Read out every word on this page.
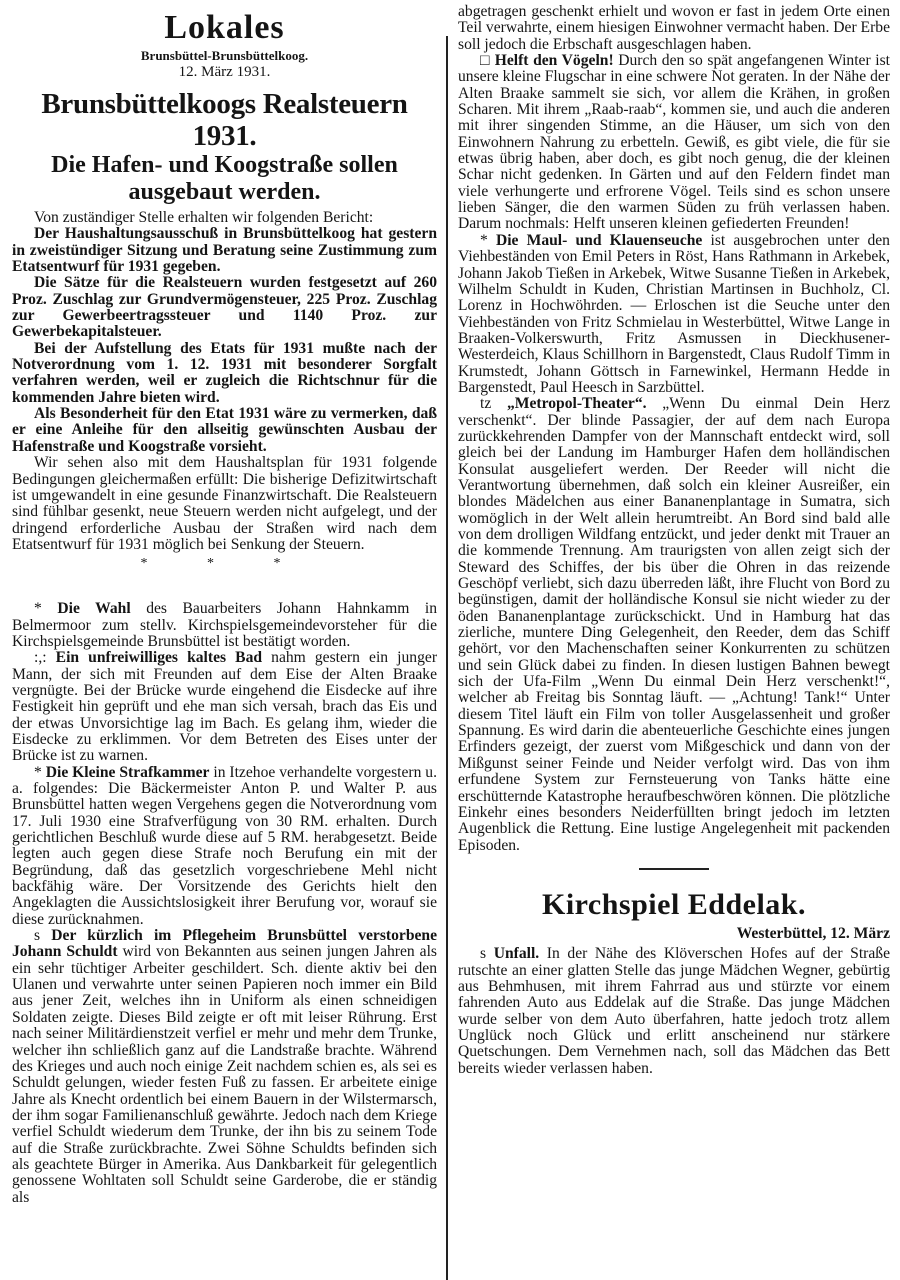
Lokales
Brunsbüttel-Brunsbüttelkoog.
12. März 1931.
Brunsbüttelkoogs Realsteuern 1931.
Die Hafen- und Koogstraße sollen ausgebaut werden.

Von zuständiger Stelle erhalten wir folgenden Bericht:

Der Haushaltungsausschuß in Brunsbüttelkoog hat gestern in zweistündiger Sitzung und Beratung seine Zustimmung zum Etatsentwurf für 1931 gegeben.

Die Sätze für die Realsteuern wurden festgesetzt auf 260 Proz. Zuschlag zur Grundvermögensteuer, 225 Proz. Zuschlag zur Gewerbeertragssteuer und 1140 Proz. zur Gewerbekapitalsteuer.

Bei der Aufstellung des Etats für 1931 mußte nach der Notverordnung vom 1. 12. 1931 mit besonderer Sorgfalt verfahren werden, weil er zugleich die Richtschnur für die kommenden Jahre bieten wird.

Als Besonderheit für den Etat 1931 wäre zu vermerken, daß er eine Anleihe für den allseitig gewünschten Ausbau der Hafenstraße und Koogstraße vorsieht.

Wir sehen also mit dem Haushaltsplan für 1931 folgende Bedingungen gleichermaßen erfüllt: Die bisherige Defizitwirtschaft ist umgewandelt in eine gesunde Finanzwirtschaft. Die Realsteuern sind fühlbar gesenkt, neue Steuern werden nicht aufgelegt, und der dringend erforderliche Ausbau der Straßen wird nach dem Etatsentwurf für 1931 möglich bei Senkung der Steuern.

* * *

* Die Wahl des Bauarbeiters Johann Hahnkamm in Belmermoor zum stellv. Kirchspielsgemeindevorsteher für die Kirchspielsgemeinde Brunsbüttel ist bestätigt worden.

:,: Ein unfreiwilliges kaltes Bad nahm gestern ein junger Mann, der sich mit Freunden auf dem Eise der Alten Braake vergnügte. Bei der Brücke wurde eingehend die Eisdecke auf ihre Festigkeit hin geprüft und ehe man sich versah, brach das Eis und der etwas Unvorsichtige lag im Bach. Es gelang ihm, wieder die Eisdecke zu erklimmen. Vor dem Betreten des Eises unter der Brücke ist zu warnen.

* Die Kleine Strafkammer in Itzehoe verhandelte vorgestern u. a. folgendes: Die Bäckermeister Anton P. und Walter P. aus Brunsbüttel hatten wegen Vergehens gegen die Notverordnung vom 17. Juli 1930 eine Strafverfügung von 30 RM. erhalten. Durch gerichtlichen Beschluß wurde diese auf 5 RM. herabgesetzt. Beide legten auch gegen diese Strafe noch Berufung ein mit der Begründung, daß das gesetzlich vorgeschriebene Mehl nicht backfähig wäre. Der Vorsitzende des Gerichts hielt den Angeklagten die Aussichtslosigkeit ihrer Berufung vor, worauf sie diese zurücknahmen.

s Der kürzlich im Pflegeheim Brunsbüttel verstorbene Johann Schuldt wird von Bekannten aus seinen jungen Jahren als ein sehr tüchtiger Arbeiter geschildert. Sch. diente aktiv bei den Ulanen und verwahrte unter seinen Papieren noch immer ein Bild aus jener Zeit, welches ihn in Uniform als einen schneidigen Soldaten zeigte. Dieses Bild zeigte er oft mit leiser Rührung. Erst nach seiner Militärdienstzeit verfiel er mehr und mehr dem Trunke, welcher ihn schließlich ganz auf die Landstraße brachte. Während des Krieges und auch noch einige Zeit nachdem schien es, als sei es Schuldt gelungen, wieder festen Fuß zu fassen. Er arbeitete einige Jahre als Knecht ordentlich bei einem Bauern in der Wilstermarsch, der ihm sogar Familienanschluß gewährte. Jedoch nach dem Kriege verfiel Schuldt wiederum dem Trunke, der ihn bis zu seinem Tode auf die Straße zurückbrachte. Zwei Söhne Schuldts befinden sich als geachtete Bürger in Amerika. Aus Dankbarkeit für gelegentlich genossene Wohltaten soll Schuldt seine Garderobe, die er ständig als

abgetragen geschenkt erhielt und wovon er fast in jedem Orte einen Teil verwahrte, einem hiesigen Einwohner vermacht haben. Der Erbe soll jedoch die Erbschaft ausgeschlagen haben.

□ Helft den Vögeln! Durch den so spät angefangenen Winter ist unsere kleine Flugschar in eine schwere Not geraten. In der Nähe der Alten Braake sammelt sie sich, vor allem die Krähen, in großen Scharen. Mit ihrem „Raab-raab“, kommen sie, und auch die anderen mit ihrer singenden Stimme, an die Häuser, um sich von den Einwohnern Nahrung zu erbetteln. Gewiß, es gibt viele, die für sie etwas übrig haben, aber doch, es gibt noch genug, die der kleinen Schar nicht gedenken. In Gärten und auf den Feldern findet man viele verhungerte und erfrorene Vögel. Teils sind es schon unsere lieben Sänger, die den warmen Süden zu früh verlassen haben. Darum nochmals: Helft unseren kleinen gefiederten Freunden!

* Die Maul- und Klauenseuche ist ausgebrochen unter den Viehbeständen von Emil Peters in Röst, Hans Rathmann in Arkebek, Johann Jakob Tießen in Arkebek, Witwe Susanne Tießen in Arkebek, Wilhelm Schuldt in Kuden, Christian Martinsen in Buchholz, Cl. Lorenz in Hochwöhrden. — Erloschen ist die Seuche unter den Viehbeständen von Fritz Schmielau in Westerbüttel, Witwe Lange in Braaken-Volkerswurth, Fritz Asmussen in Dieckhusener-Westerdeich, Klaus Schillhorn in Bargenstedt, Claus Rudolf Timm in Krumstedt, Johann Göttsch in Farnewinkel, Hermann Hedde in Bargenstedt, Paul Heesch in Sarzbüttel.

tz „Metropol-Theater“. „Wenn Du einmal Dein Herz verschenkt“. Der blinde Passagier, der auf dem nach Europa zurückkehrenden Dampfer von der Mannschaft entdeckt wird, soll gleich bei der Landung im Hamburger Hafen dem holländischen Konsulat ausgeliefert werden. Der Reeder will nicht die Verantwortung übernehmen, daß solch ein kleiner Ausreißer, ein blondes Mädelchen aus einer Bananenplantage in Sumatra, sich womöglich in der Welt allein herumtreibt. An Bord sind bald alle von dem drolligen Wildfang entzückt, und jeder denkt mit Trauer an die kommende Trennung. Am traurigsten von allen zeigt sich der Steward des Schiffes, der bis über die Ohren in das reizende Geschöpf verliebt, sich dazu überreden läßt, ihre Flucht von Bord zu begünstigen, damit der holländische Konsul sie nicht wieder zu der öden Bananenplantage zurückschickt. Und in Hamburg hat das zierliche, muntere Ding Gelegenheit, den Reeder, dem das Schiff gehört, vor den Machenschaften seiner Konkurrenten zu schützen und sein Glück dabei zu finden. In diesen lustigen Bahnen bewegt sich der Ufa-Film „Wenn Du einmal Dein Herz verschenkt!“, welcher ab Freitag bis Sonntag läuft. — „Achtung! Tank!“ Unter diesem Titel läuft ein Film von toller Ausgelassenheit und großer Spannung. Es wird darin die abenteuerliche Geschichte eines jungen Erfinders gezeigt, der zuerst vom Mißgeschick und dann von der Mißgunst seiner Feinde und Neider verfolgt wird. Das von ihm erfundene System zur Fernsteuerung von Tanks hätte eine erschütternde Katastrophe heraufbeschwören können. Die plötzliche Einkehr eines besonders Neiderfüllten bringt jedoch im letzten Augenblick die Rettung. Eine lustige Angelegenheit mit packenden Episoden.

Kirchspiel Eddelak.
Westerbüttel, 12. März

s Unfall. In der Nähe des Klöverschen Hofes auf der Straße rutschte an einer glatten Stelle das junge Mädchen Wegner, gebürtig aus Behmhusen, mit ihrem Fahrrad aus und stürzte vor einem fahrenden Auto aus Eddelak auf die Straße. Das junge Mädchen wurde selber von dem Auto überfahren, hatte jedoch trotz allem Unglück noch Glück und erlitt anscheinend nur stärkere Quetschungen. Dem Vernehmen nach, soll das Mädchen das Bett bereits wieder verlassen haben.
